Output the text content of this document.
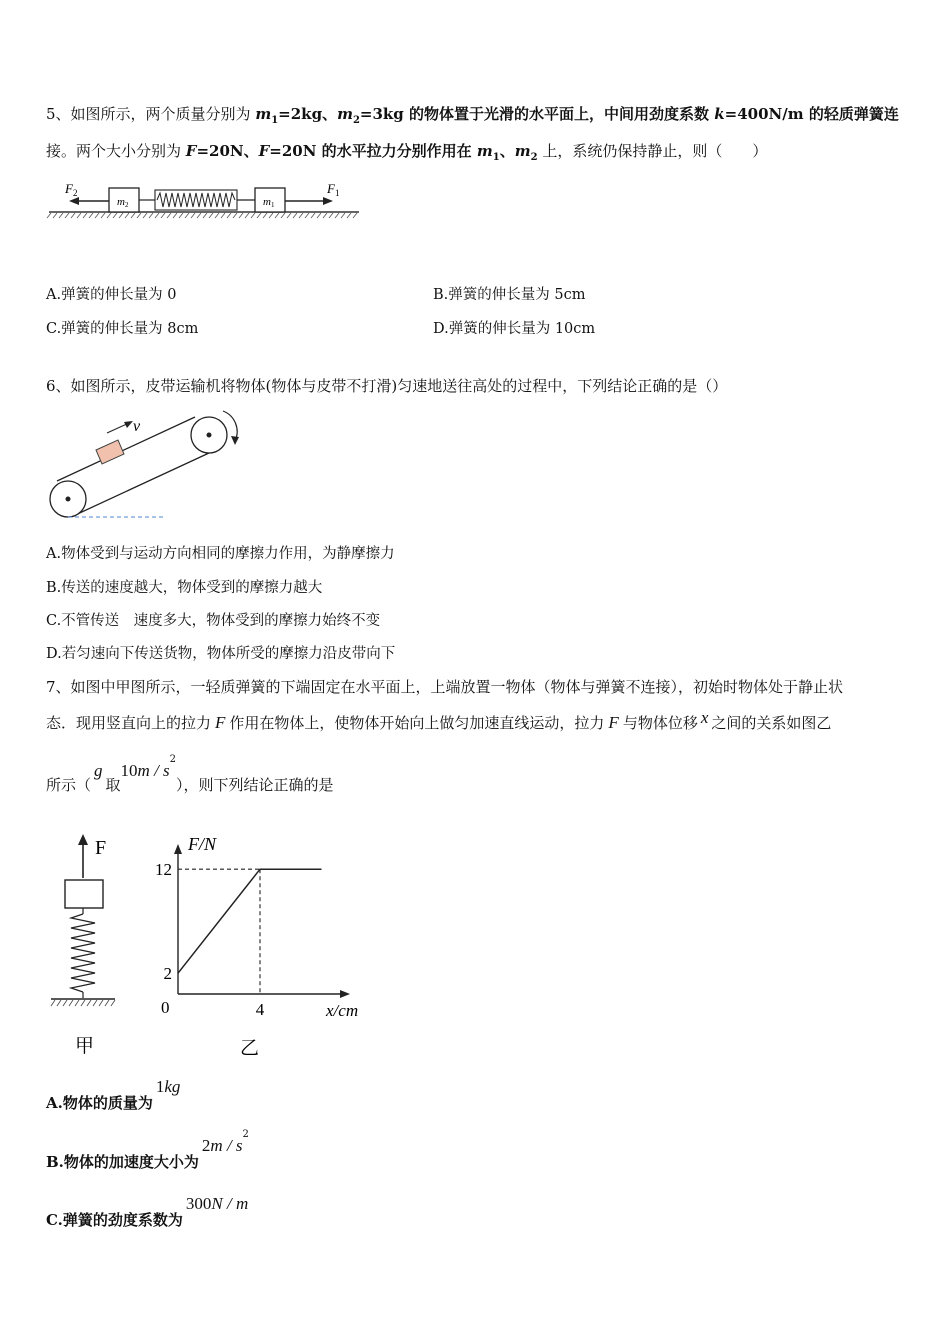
5、如图所示，两个质量分别为 $m_1=2kg$、$m_2=3kg$ 的物体置于光滑的水平面上，中间用劲度系数 k=400N/m 的轻质弹簧连
接。两个大小分别为 F=20N、F=20N 的水平拉力分别作用在 $m_1$、$m_2$ 上，系统仍保持静止，则（　　）
$F_2$
m2	m1
$F_1$
A.弹簧的伸长量为 0	B.弹簧的伸长量为 5cm
C.弹簧的伸长量为 8cm	D.弹簧的伸长量为 10cm
6、如图所示，皮带运输机将物体(物体与皮带不打滑)匀速地送往高处的过程中，下列结论正确的是（）
v
A.物体受到与运动方向相同的摩擦力作用，为静摩擦力
B.传送的速度越大，物体受到的摩擦力越大
C.不管传送　速度多大，物体受到的摩擦力始终不变
D.若匀速向下传送货物，物体所受的摩擦力沿皮带向下
7、如图中甲图所示，一轻质弹簧的下端固定在水平面上，上端放置一物体（物体与弹簧不连接），初始时物体处于静止状
态．现用竖直向上的拉力 F 作用在物体上，使物体开始向上做匀加速直线运动，拉力 F 与物体位移 x 之间的关系如图乙
所示（g取$10m / s^2$），则下列结论正确的是
F
甲
F/N
x/cm
0
12
2
4
乙
A.物体的质量为1kg
B.物体的加速度大小为$2m / s^2$
C.弹簧的劲度系数为300N / m
